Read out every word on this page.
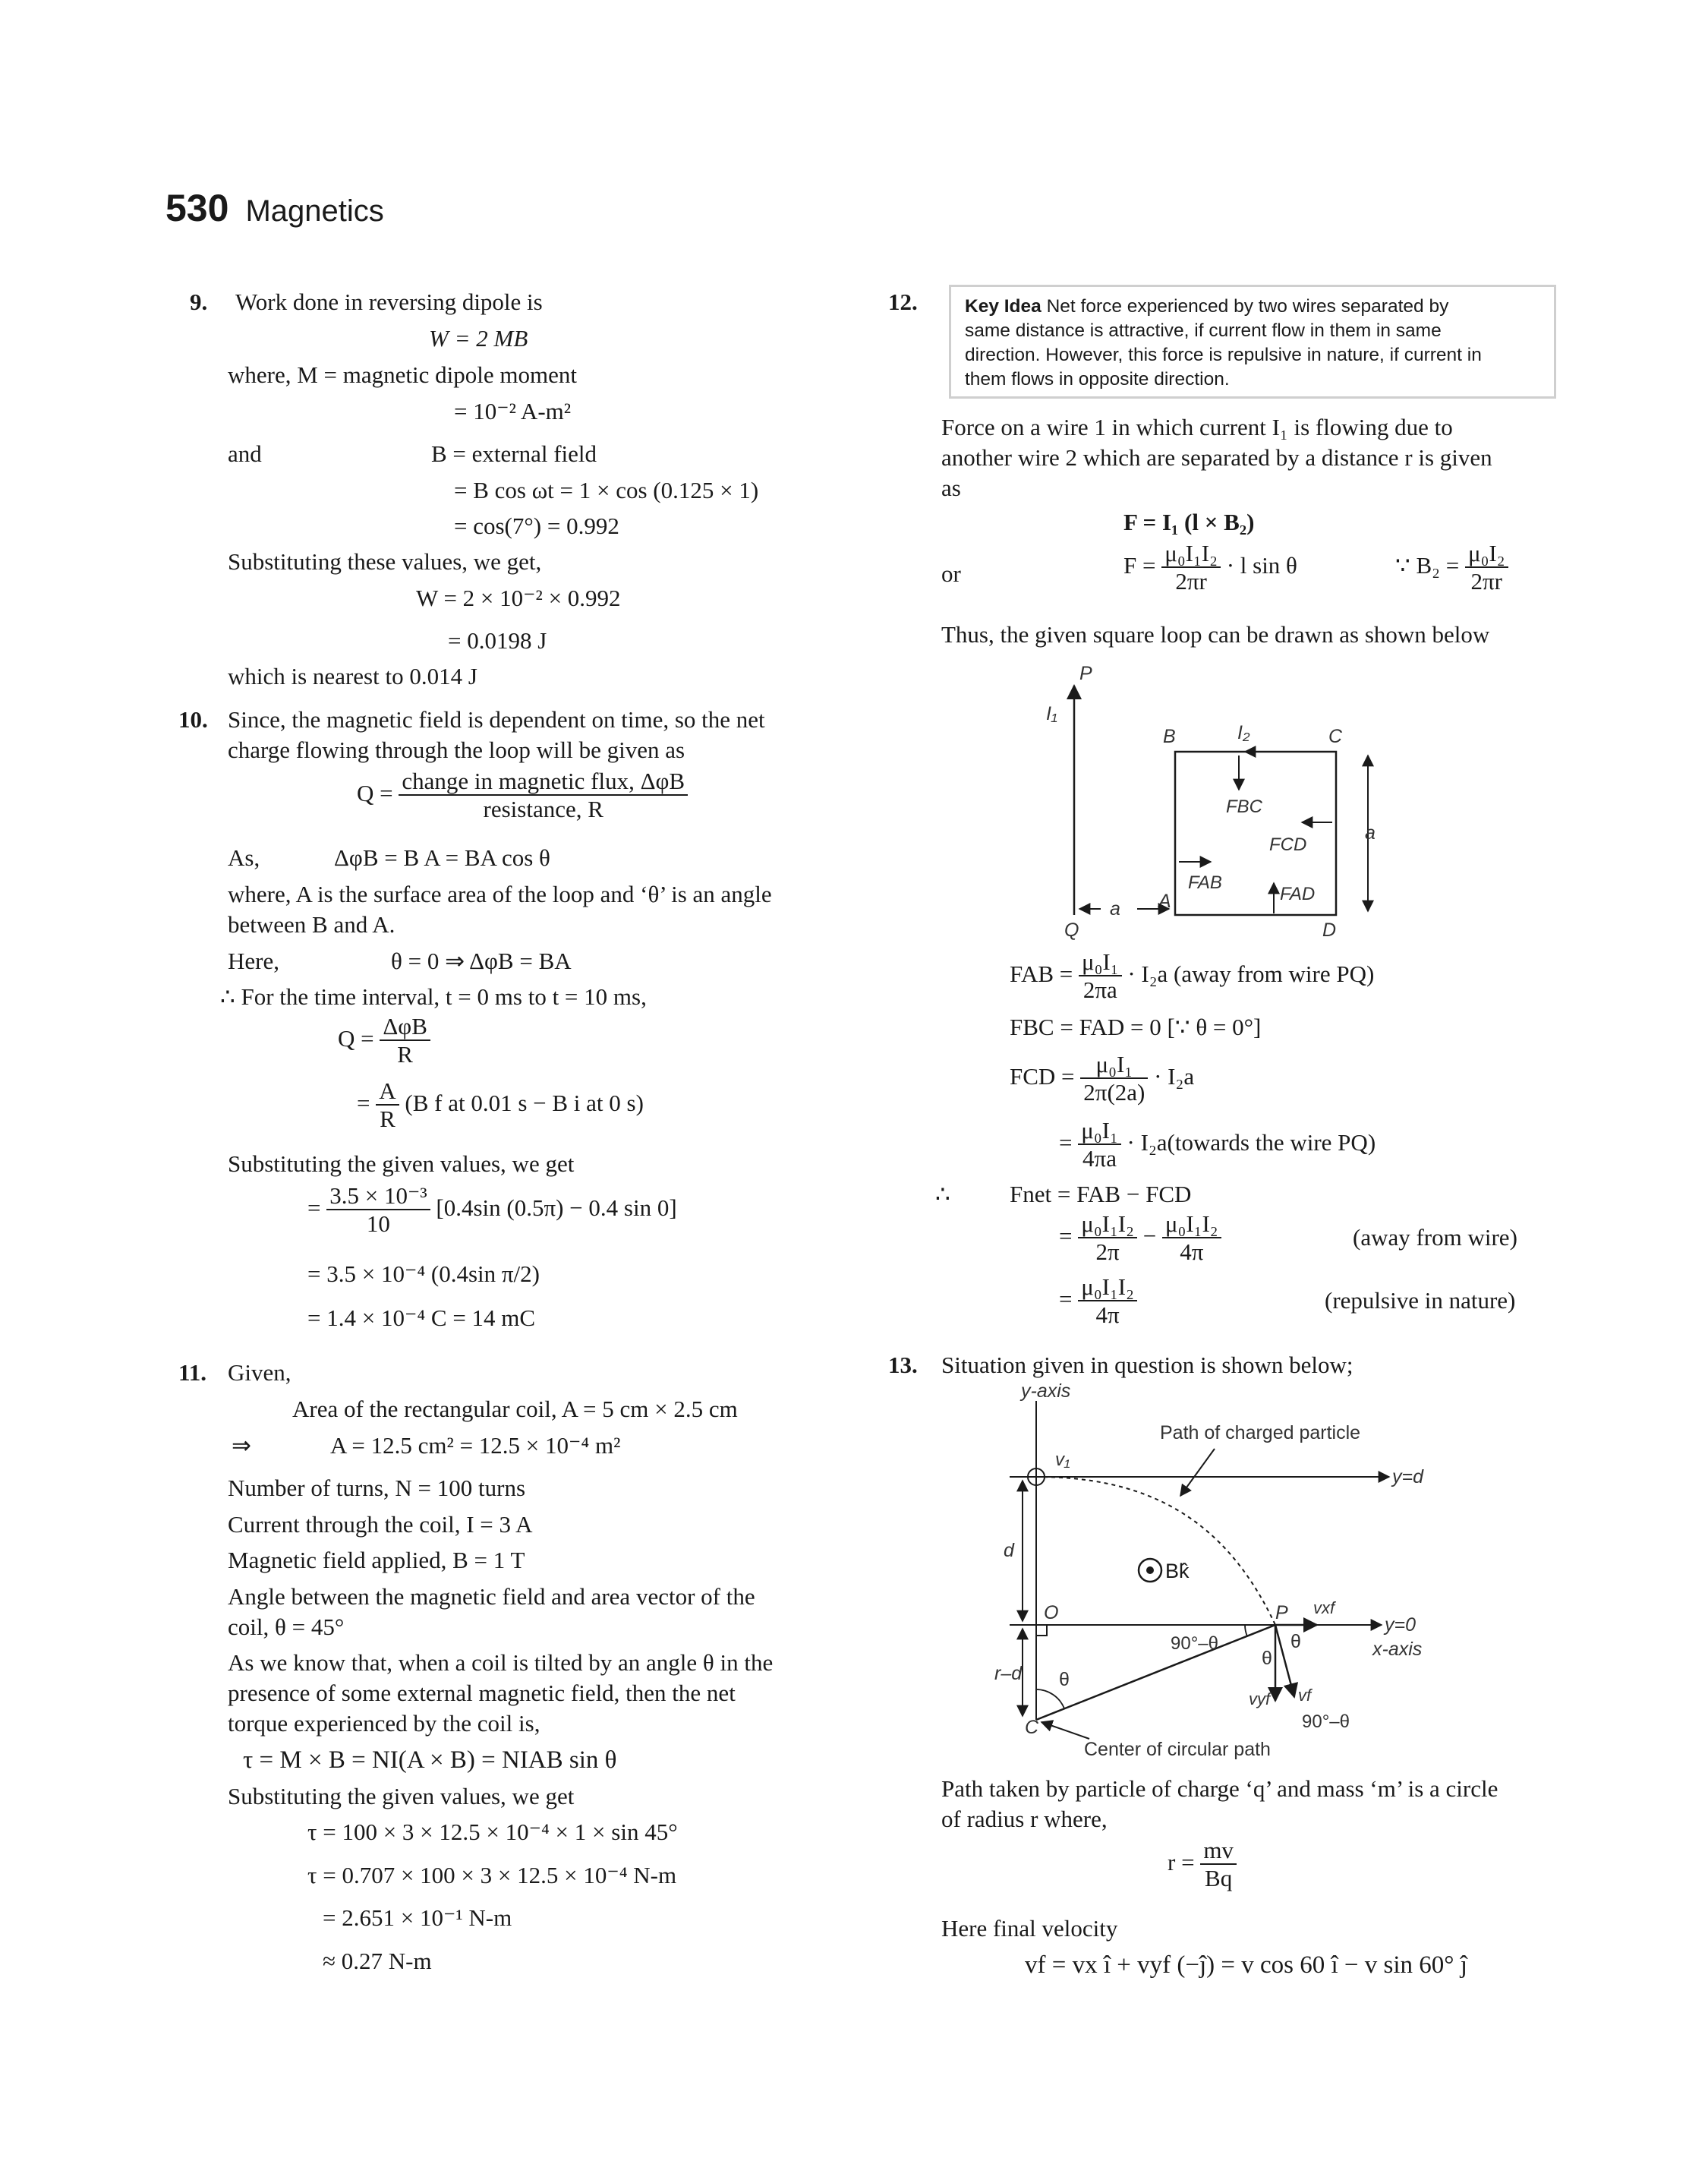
530 Magnetics
9. Work done in reversing dipole is
W = 2 MB
where, M = magnetic dipole moment
= 10⁻² A-m²
and	B = external field
= B cos ωt = 1 × cos (0.125 × 1)
= cos(7°) = 0.992
Substituting these values, we get,
W = 2 × 10⁻² × 0.992
= 0.0198 J
which is nearest to 0.014 J
10. Since, the magnetic field is dependent on time, so the net
charge flowing through the loop will be given as
$Q = \frac{\text{change in magnetic flux, ΔφB}}{\text{resistance, R}}$
As,	ΔφB = B A = BA cos θ
where, A is the surface area of the loop and ‘θ’ is an angle
between B and A.
Here,	θ = 0 ⇒ ΔφB = BA
∴ For the time interval, t = 0 ms to t = 10 ms,
$Q = \frac{\text{ΔφB}}{R}$
= $\frac{A}{R} (B$ f at 0.01 s − B i at 0 s)
Substituting the given values, we get
= $\frac{\text{3.5 × 10⁻³}}{10} [0.4\sin$ (0.5π) − 0.4 sin 0]
= 3.5 × 10⁻⁴ (0.4sin π/2)
= 1.4 × 10⁻⁴ C = 14 mC
11. Given,
Area of the rectangular coil, A = 5 cm × 2.5 cm
⇒	A = 12.5 cm² = 12.5 × 10⁻⁴ m²
Number of turns, N = 100 turns
Current through the coil, I = 3 A
Magnetic field applied, B = 1 T
Angle between the magnetic field and area vector of the
coil, θ = 45°
As we know that, when a coil is tilted by an angle θ in the
presence of some external magnetic field, then the net
torque experienced by the coil is,
τ = M × B = NI(A × B) = NIAB sin θ
Substituting the given values, we get
τ = 100 × 3 × 12.5 × 10⁻⁴ × 1 × sin 45°
τ = 0.707 × 100 × 3 × 12.5 × 10⁻⁴ N-m
= 2.651 × 10⁻¹ N-m
≈ 0.27 N-m
12.	Key Idea Net force experienced by two wires separated by
same distance is attractive, if current flow in them in same
direction. However, this force is repulsive in nature, if current in
them flows in opposite direction.
Force on a wire 1 in which current I₁ is flowing due to
another wire 2 which are separated by a distance r is given
as
F = I₁ (l × B₂)
or	$F = \frac{\text{μ₀I₁I₂}}{2\pi r} \cdot l$ sin θ	∵ $B_2 = \frac{\text{μ₀I₂}}{2\pi r}$
Thus, the given square loop can be drawn as shown below
P
Q
I₁
B	C
A
D
I₂
FBC
FCD
FAB
FAD
a
a
FAB = $\frac{\text{μ₀I₁}}{2\pi a} \cdot I_2a$ (away from wire PQ)
FBC = FAD = 0 [∵ θ = 0°]
FCD = $\frac{\text{μ₀I₁}}{2\pi(2a)} \cdot I_2a$
= $\frac{\text{μ₀I₁}}{4\pi a}$ · I₂a(towards the wire PQ)
∴	Fnet = FAB − FCD
= $\frac{\text{μ₀I₁I₂}}{2\pi} - \frac{\text{μ₀I₁I₂}}{4\pi}$	(away from wire)
= $\frac{\text{μ₀I₁I₂}}{4\pi}$	(repulsive in nature)
13. Situation given in question is shown below;
y-axis
y=d
v₁
Path of charged particle
Bk̂
d
y=0
x-axis
O
r–d
P
C
θ
90°–θ
θ
θ
vxf
vyf vf
90°–θ
Center of circular path
Path taken by particle of charge ‘q’ and mass ‘m’ is a circle
of radius r where,
$r = \frac{mv}{Bq}$
Here final velocity
vf = vx î + vyf (−ĵ) = v cos 60 î − v sin 60° ĵ
